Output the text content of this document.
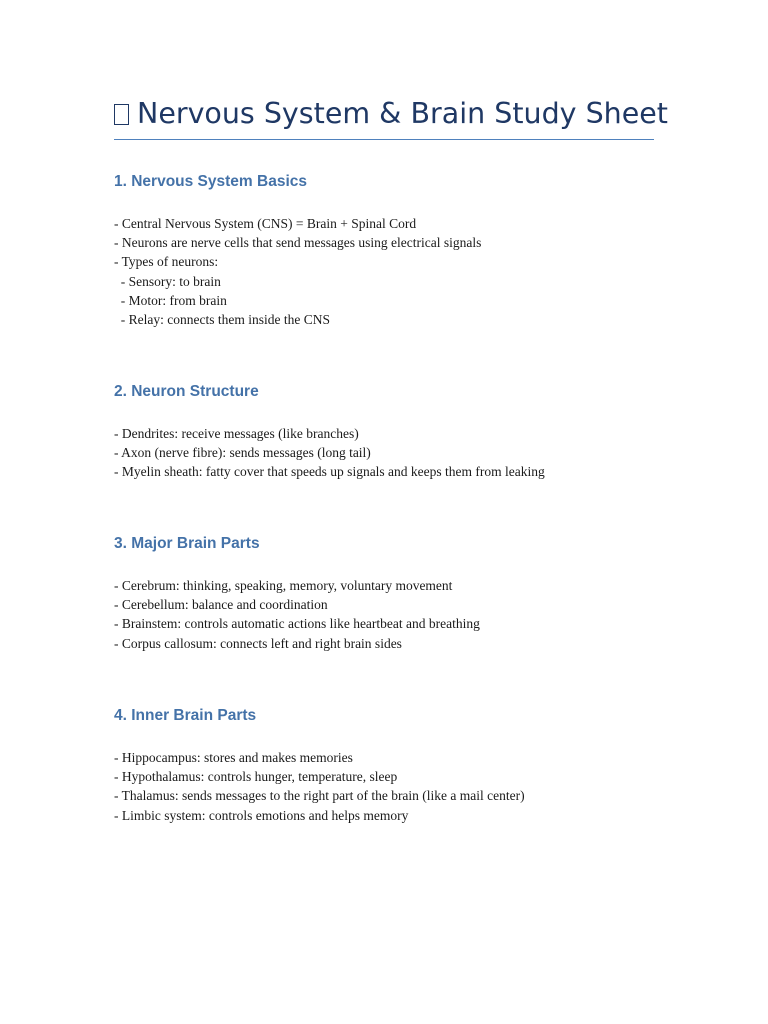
Nervous System & Brain Study Sheet
1. Nervous System Basics
- Central Nervous System (CNS) = Brain + Spinal Cord
- Neurons are nerve cells that send messages using electrical signals
- Types of neurons:
- Sensory: to brain
- Motor: from brain
- Relay: connects them inside the CNS
2. Neuron Structure
- Dendrites: receive messages (like branches)
- Axon (nerve fibre): sends messages (long tail)
- Myelin sheath: fatty cover that speeds up signals and keeps them from leaking
3. Major Brain Parts
- Cerebrum: thinking, speaking, memory, voluntary movement
- Cerebellum: balance and coordination
- Brainstem: controls automatic actions like heartbeat and breathing
- Corpus callosum: connects left and right brain sides
4. Inner Brain Parts
- Hippocampus: stores and makes memories
- Hypothalamus: controls hunger, temperature, sleep
- Thalamus: sends messages to the right part of the brain (like a mail center)
- Limbic system: controls emotions and helps memory
